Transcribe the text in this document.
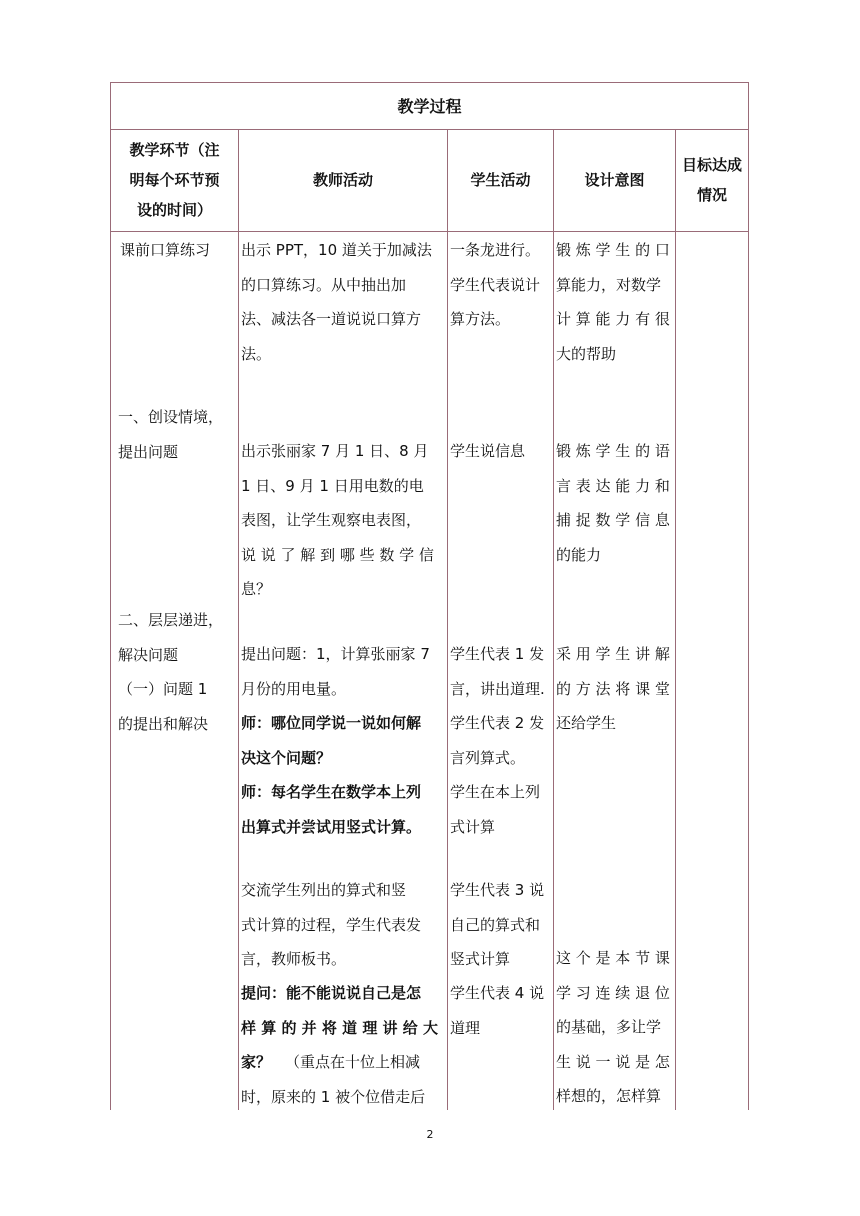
教学过程
教学环节（注
明每个环节预
设的时间）
教师活动	学生活动	设计意图
目标达成
情况
课前口算练习
一、创设情境，
提出问题
二、层层递进，
解决问题
（一）问题 1
的提出和解决
出示 PPT，10 道关于加减法
的口算练习。从中抽出加
法、减法各一道说说口算方
法。
出示张丽家 7 月 1 日、8 月
1 日、9 月 1 日用电数的电
表图，让学生观察电表图，
说 说 了 解 到 哪 些 数 学 信
息？
提出问题：1，计算张丽家 7
月份的用电量。
师：哪位同学说一说如何解
决这个问题？
师：每名学生在数学本上列
出算式并尝试用竖式计算。
交流学生列出的算式和竖
式计算的过程，学生代表发
言，教师板书。
提问：能不能说说自己是怎
样 算 的 并 将 道 理 讲 给 大
家？ （重点在十位上相减
时，原来的 1 被个位借走后
一条龙进行。
学生代表说计
算方法。
学生说信息
学生代表 1 发
言，讲出道理.
学生代表 2 发
言列算式。
学生在本上列
式计算
学生代表 3 说
自己的算式和
竖式计算
学生代表 4 说
道理
锻 炼 学 生 的 口
算能力，对数学
计 算 能 力 有 很
大的帮助
锻 炼 学 生 的 语
言 表 达 能 力 和
捕 捉 数 学 信 息
的能力
采 用 学 生 讲 解
的 方 法 将 课 堂
还给学生
这 个 是 本 节 课
学 习 连 续 退 位
的基础，多让学
生 说 一 说 是 怎
样想的，怎样算
2
